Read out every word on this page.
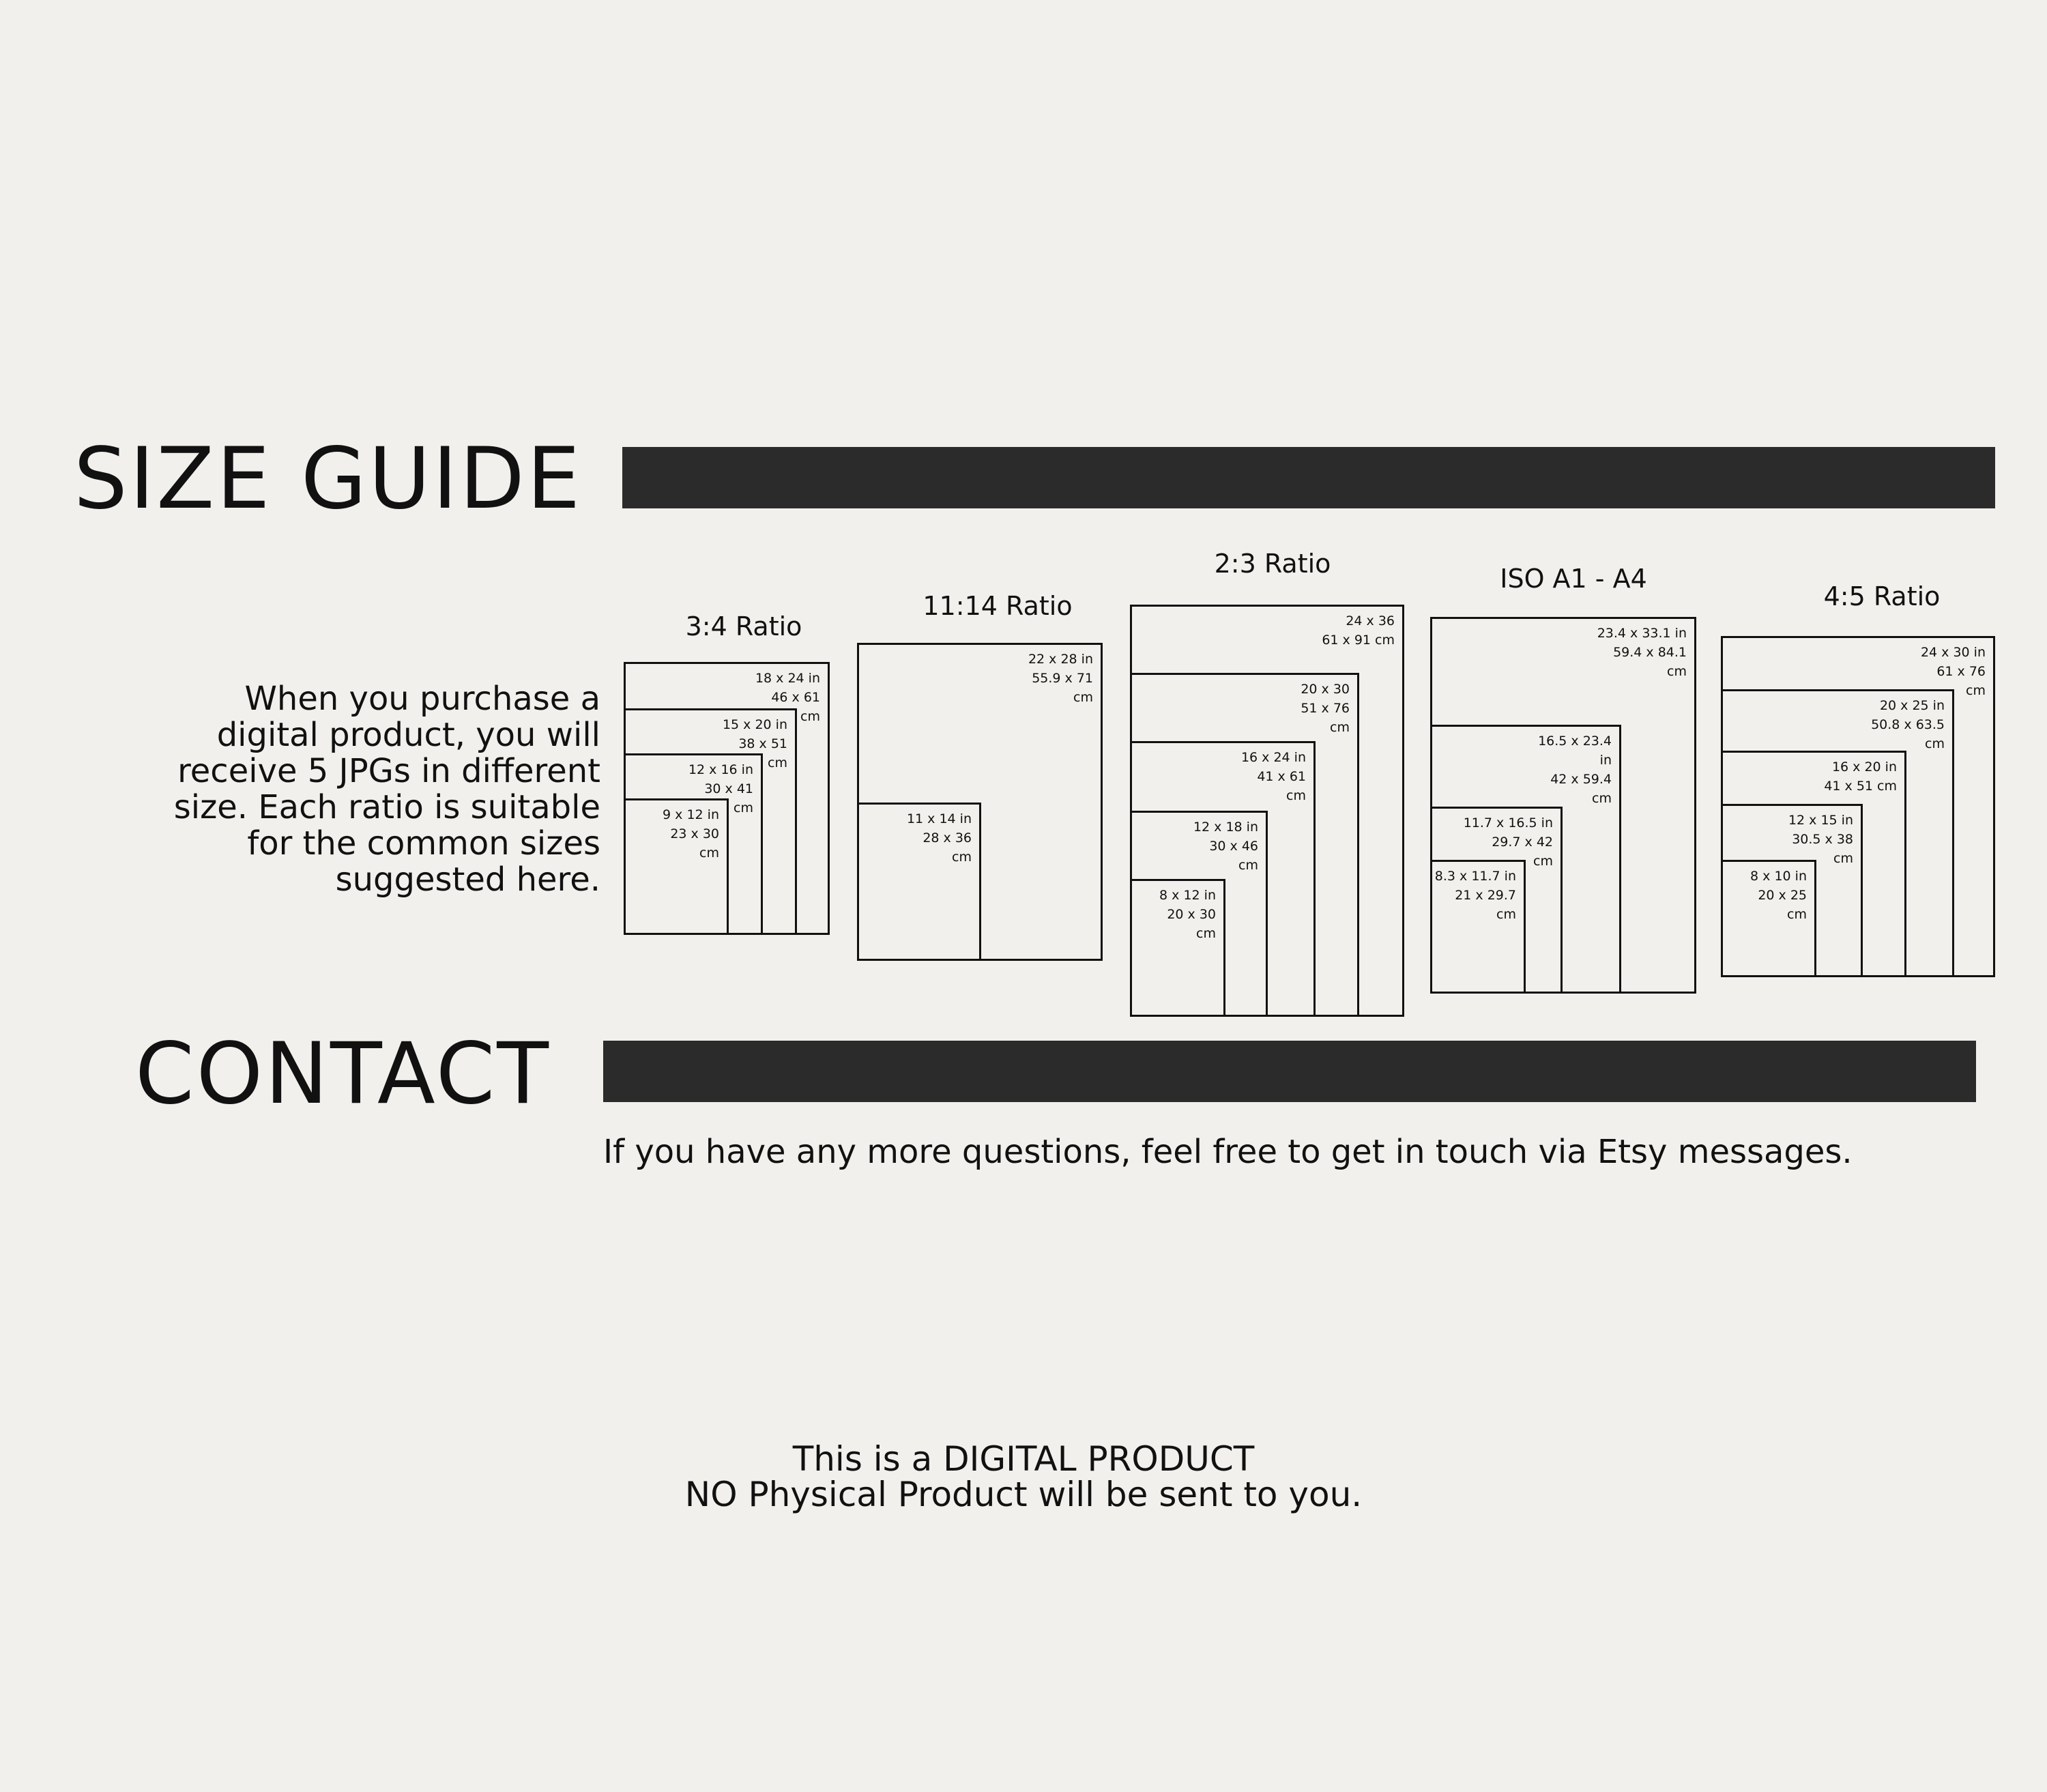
SIZE GUIDE
When you purchase a
digital product, you will
receive 5 JPGs in different
size. Each ratio is suitable
for the common sizes
suggested here.
3:4 Ratio
18 x 24 in
46 x 61
cm
15 x 20 in
38 x 51
cm
12 x 16 in
30 x 41
cm
9 x 12 in
23 x 30
cm
11:14 Ratio
22 x 28 in
55.9 x 71
cm
11 x 14 in
28 x 36
cm
2:3 Ratio
24 x 36
61 x 91 cm
20 x 30
51 x 76
cm
16 x 24 in
41 x 61
cm
12 x 18 in
30 x 46
cm
8 x 12 in
20 x 30
cm
ISO A1 - A4
23.4 x 33.1 in
59.4 x 84.1
cm
16.5 x 23.4
in
42 x 59.4
cm
11.7 x 16.5 in
29.7 x 42
cm
8.3 x 11.7 in
21 x 29.7
cm
4:5 Ratio
24 x 30 in
61 x 76
cm
20 x 25 in
50.8 x 63.5
cm
16 x 20 in
41 x 51 cm
12 x 15 in
30.5 x 38
cm
8 x 10 in
20 x 25
cm
CONTACT
If you have any more questions, feel free to get in touch via Etsy messages.
This is a DIGITAL PRODUCT
NO Physical Product will be sent to you.
